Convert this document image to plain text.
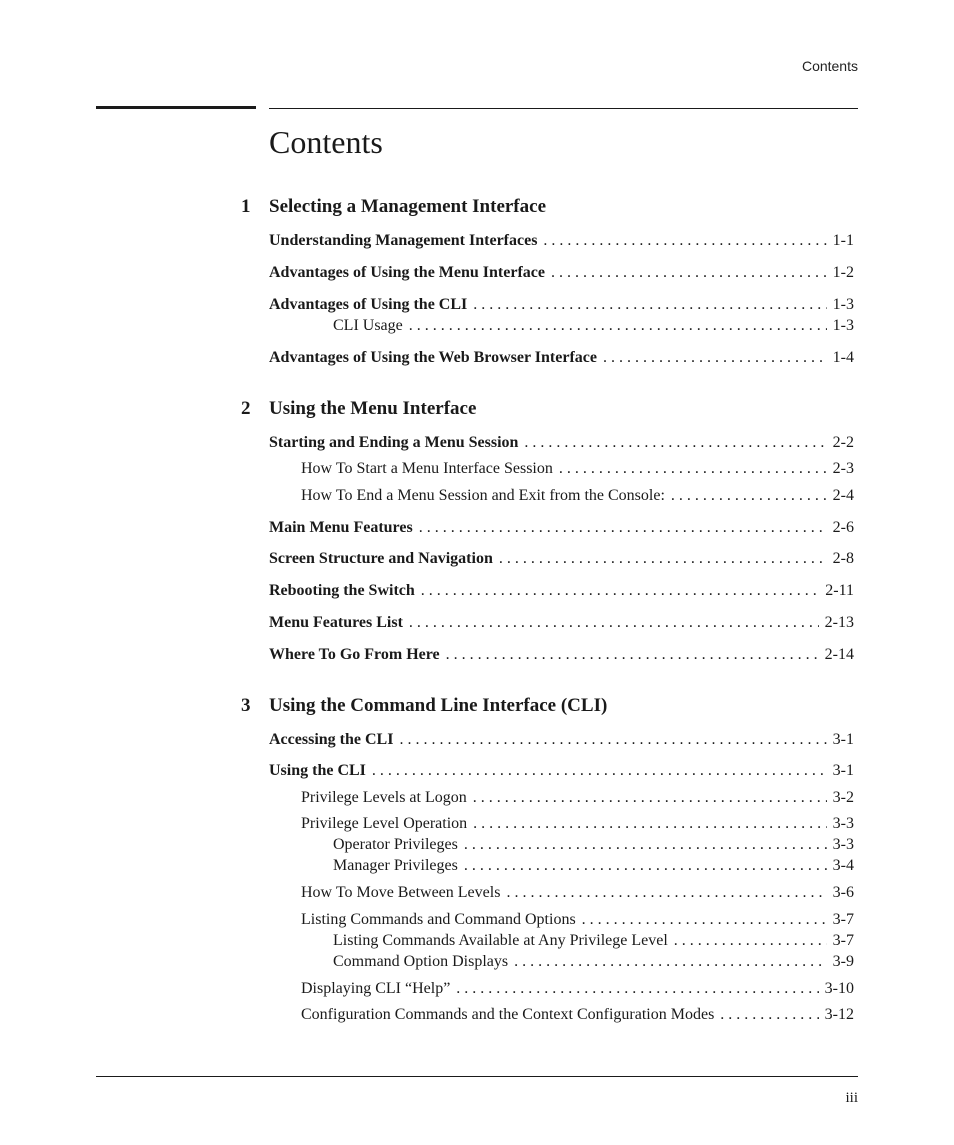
Contents
Contents
1 Selecting a Management Interface
Understanding Management Interfaces . . .	1-1
Advantages of Using the Menu Interface . . .	1-2
Advantages of Using the CLI . . .	1-3
CLI Usage . . .	1-3
Advantages of Using the Web Browser Interface . . .	1-4
2 Using the Menu Interface
Starting and Ending a Menu Session . . .	2-2
How To Start a Menu Interface Session . . .	2-3
How To End a Menu Session and Exit from the Console: . . .	2-4
Main Menu Features . . .	2-6
Screen Structure and Navigation . . .	2-8
Rebooting the Switch . . .	2-11
Menu Features List . . .	2-13
Where To Go From Here . . .	2-14
3 Using the Command Line Interface (CLI)
Accessing the CLI . . .	3-1
Using the CLI . . .	3-1
Privilege Levels at Logon . . .	3-2
Privilege Level Operation . . .	3-3
Operator Privileges . . .	3-3
Manager Privileges . . .	3-4
How To Move Between Levels . . .	3-6
Listing Commands and Command Options . . .	3-7
Listing Commands Available at Any Privilege Level . . .	3-7
Command Option Displays . . .	3-9
Displaying CLI “Help” . . .	3-10
Configuration Commands and the Context Configuration Modes . . .	3-12
iii
